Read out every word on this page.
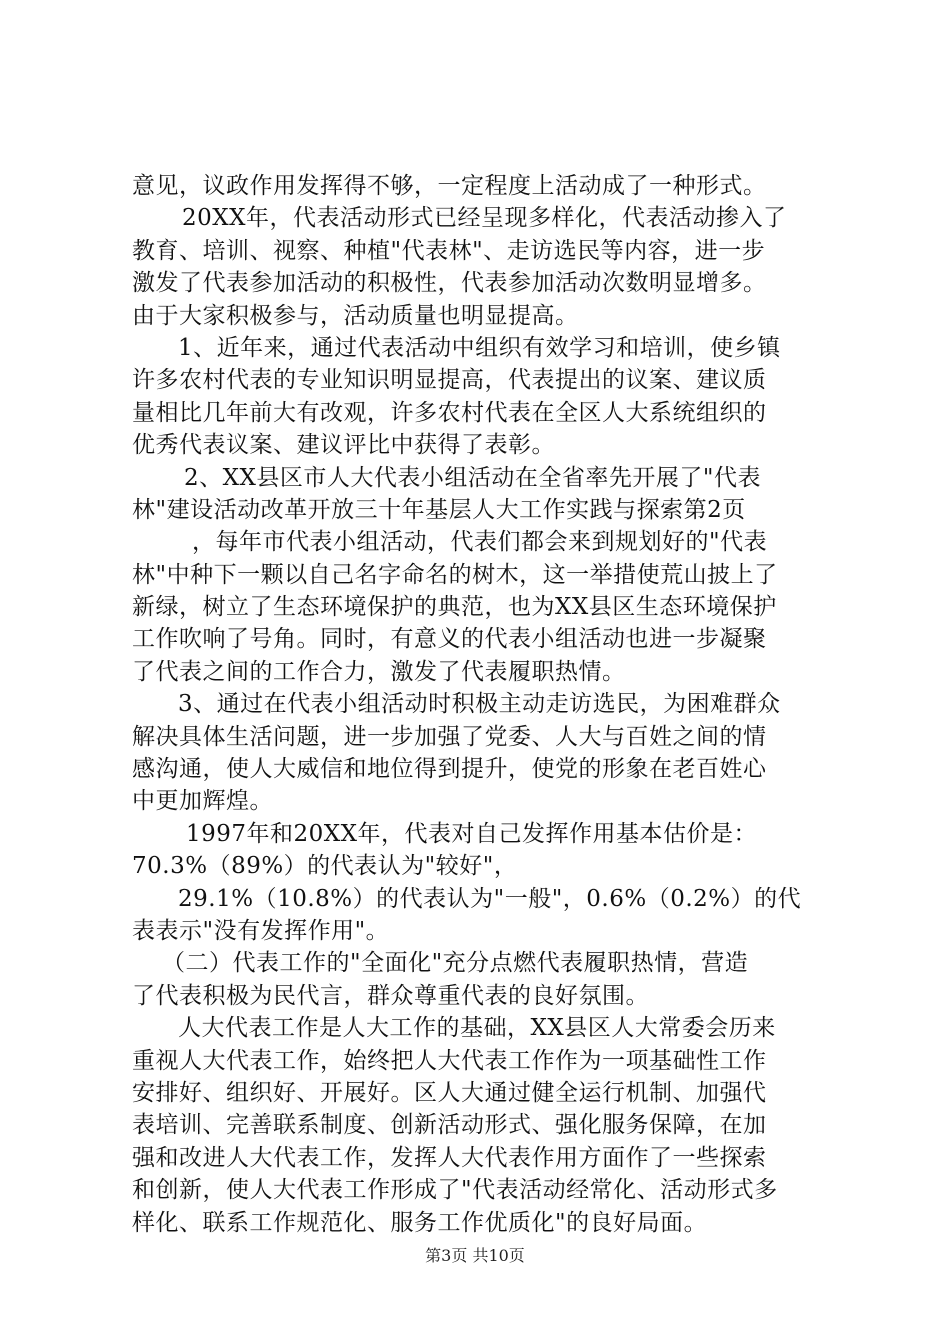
意见，议政作用发挥得不够，一定程度上活动成了一种形式。
20XX年，代表活动形式已经呈现多样化，代表活动掺入了
教育、培训、视察、种植"代表林"、走访选民等内容，进一步
激发了代表参加活动的积极性，代表参加活动次数明显增多。
由于大家积极参与，活动质量也明显提高。
1、近年来，通过代表活动中组织有效学习和培训，使乡镇
许多农村代表的专业知识明显提高，代表提出的议案、建议质
量相比几年前大有改观，许多农村代表在全区人大系统组织的
优秀代表议案、建议评比中获得了表彰。
2、XX县区市人大代表小组活动在全省率先开展了"代表
林"建设活动改革开放三十年基层人大工作实践与探索第2页
，每年市代表小组活动，代表们都会来到规划好的"代表
林"中种下一颗以自己名字命名的树木，这一举措使荒山披上了
新绿，树立了生态环境保护的典范，也为XX县区生态环境保护
工作吹响了号角。同时，有意义的代表小组活动也进一步凝聚
了代表之间的工作合力，激发了代表履职热情。
3、通过在代表小组活动时积极主动走访选民，为困难群众
解决具体生活问题，进一步加强了党委、人大与百姓之间的情
感沟通，使人大威信和地位得到提升，使党的形象在老百姓心
中更加辉煌。
1997年和20XX年，代表对自己发挥作用基本估价是：
70.3%（89%）的代表认为"较好"，
29.1%（10.8%）的代表认为"一般"，0.6%（0.2%）的代
表表示"没有发挥作用"。
（二）代表工作的"全面化"充分点燃代表履职热情，营造
了代表积极为民代言，群众尊重代表的良好氛围。
人大代表工作是人大工作的基础，XX县区人大常委会历来
重视人大代表工作，始终把人大代表工作作为一项基础性工作
安排好、组织好、开展好。区人大通过健全运行机制、加强代
表培训、完善联系制度、创新活动形式、强化服务保障，在加
强和改进人大代表工作，发挥人大代表作用方面作了一些探索
和创新，使人大代表工作形成了"代表活动经常化、活动形式多
样化、联系工作规范化、服务工作优质化"的良好局面。
第3页 共10页
